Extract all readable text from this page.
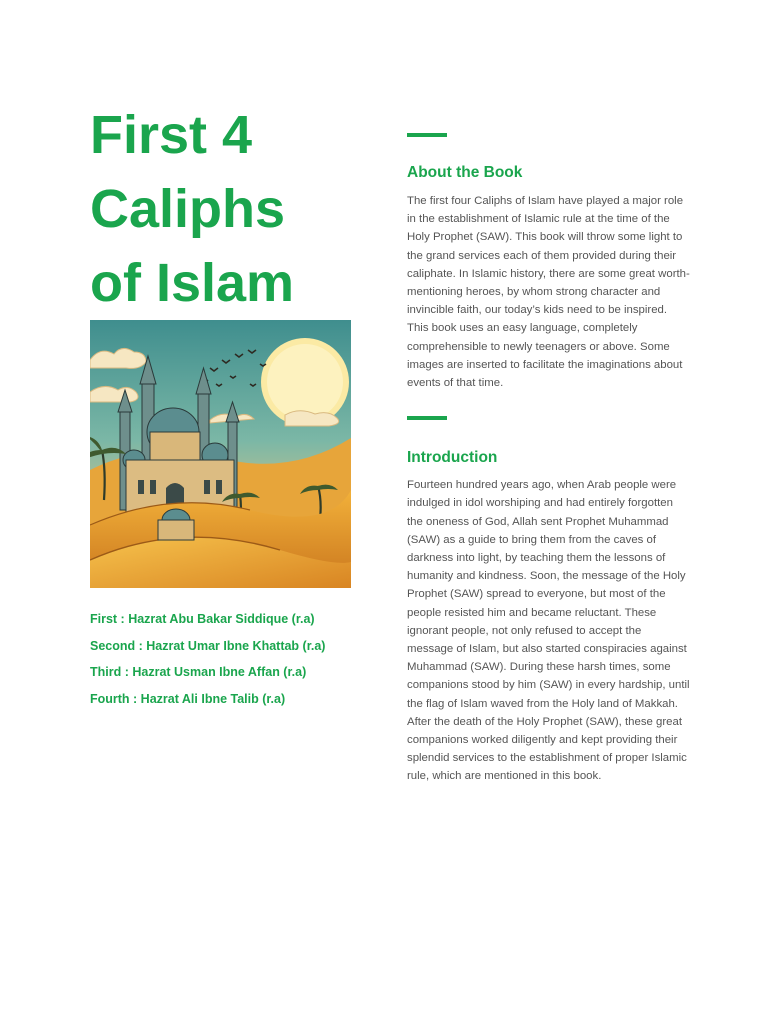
First 4
Caliphs
of Islam
First : Hazrat Abu Bakar Siddique (r.a)
Second : Hazrat Umar Ibne Khattab (r.a)
Third : Hazrat Usman Ibne Affan (r.a)
Fourth : Hazrat Ali Ibne Talib (r.a)
About the Book

The first four Caliphs of Islam have played a major role in the establishment of Islamic rule at the time of the Holy Prophet (SAW). This book will throw some light to the grand services each of them provided during their caliphate. In Islamic history, there are some great worth-mentioning heroes, by whom strong character and invincible faith, our today’s kids need to be inspired. This book uses an easy language, completely comprehensible to newly teenagers or above. Some images are inserted to facilitate the imaginations about events of that time.

Introduction

Fourteen hundred years ago, when Arab people were indulged in idol worshiping and had entirely forgotten the oneness of God, Allah sent Prophet Muhammad (SAW) as a guide to bring them from the caves of darkness into light, by teaching them the lessons of humanity and kindness. Soon, the message of the Holy Prophet (SAW) spread to everyone, but most of the people resisted him and became reluctant. These ignorant people, not only refused to accept the message of Islam, but also started conspiracies against Muhammad (SAW). During these harsh times, some companions stood by him (SAW) in every hardship, until the flag of Islam waved from the Holy land of Makkah. After the death of the Holy Prophet (SAW), these great companions worked diligently and kept providing their splendid services to the establishment of proper Islamic rule, which are mentioned in this book.
